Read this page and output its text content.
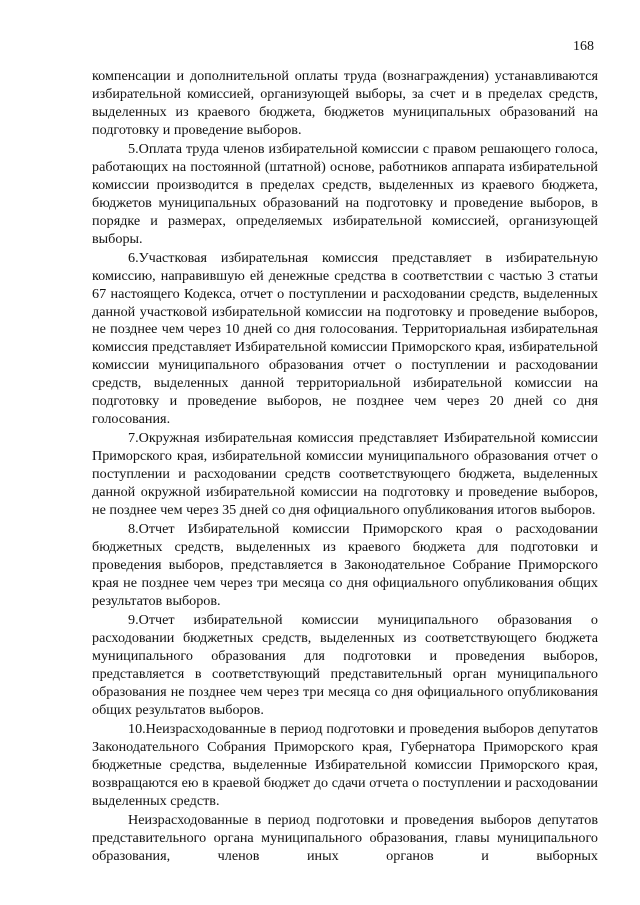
168

компенсации и дополнительной оплаты труда (вознаграждения) устанавливаются избирательной комиссией, организующей выборы, за счет и в пределах средств, выделенных из краевого бюджета, бюджетов муниципальных образований на подготовку и проведение выборов.

5.Оплата труда членов избирательной комиссии с правом решающего голоса, работающих на постоянной (штатной) основе, работников аппарата избирательной комиссии производится в пределах средств, выделенных из краевого бюджета, бюджетов муниципальных образований на подготовку и проведение выборов, в порядке и размерах, определяемых избирательной комиссией, организующей выборы.

6.Участковая избирательная комиссия представляет в избирательную комиссию, направившую ей денежные средства в соответствии с частью 3 статьи 67 настоящего Кодекса, отчет о поступлении и расходовании средств, выделенных данной участковой избирательной комиссии на подготовку и проведение выборов, не позднее чем через 10 дней со дня голосования. Территориальная избирательная комиссия представляет Избирательной комиссии Приморского края, избирательной комиссии муниципального образования отчет о поступлении и расходовании средств, выделенных данной территориальной избирательной комиссии на подготовку и проведение выборов, не позднее чем через 20 дней со дня голосования.

7.Окружная избирательная комиссия представляет Избирательной комиссии Приморского края, избирательной комиссии муниципального образования отчет о поступлении и расходовании средств соответствующего бюджета, выделенных данной окружной избирательной комиссии на подготовку и проведение выборов, не позднее чем через 35 дней со дня официального опубликования итогов выборов.

8.Отчет Избирательной комиссии Приморского края о расходовании бюджетных средств, выделенных из краевого бюджета для подготовки и проведения выборов, представляется в Законодательное Собрание Приморского края не позднее чем через три месяца со дня официального опубликования общих результатов выборов.

9.Отчет избирательной комиссии муниципального образования о расходовании бюджетных средств, выделенных из соответствующего бюджета муниципального образования для подготовки и проведения выборов, представляется в соответствующий представительный орган муниципального образования не позднее чем через три месяца со дня официального опубликования общих результатов выборов.

10.Неизрасходованные в период подготовки и проведения выборов депутатов Законодательного Собрания Приморского края, Губернатора Приморского края бюджетные средства, выделенные Избирательной комиссии Приморского края, возвращаются ею в краевой бюджет до сдачи отчета о поступлении и расходовании выделенных средств.

Неизрасходованные в период подготовки и проведения выборов депутатов представительного органа муниципального образования, главы муниципального образования, членов иных органов и выборных
